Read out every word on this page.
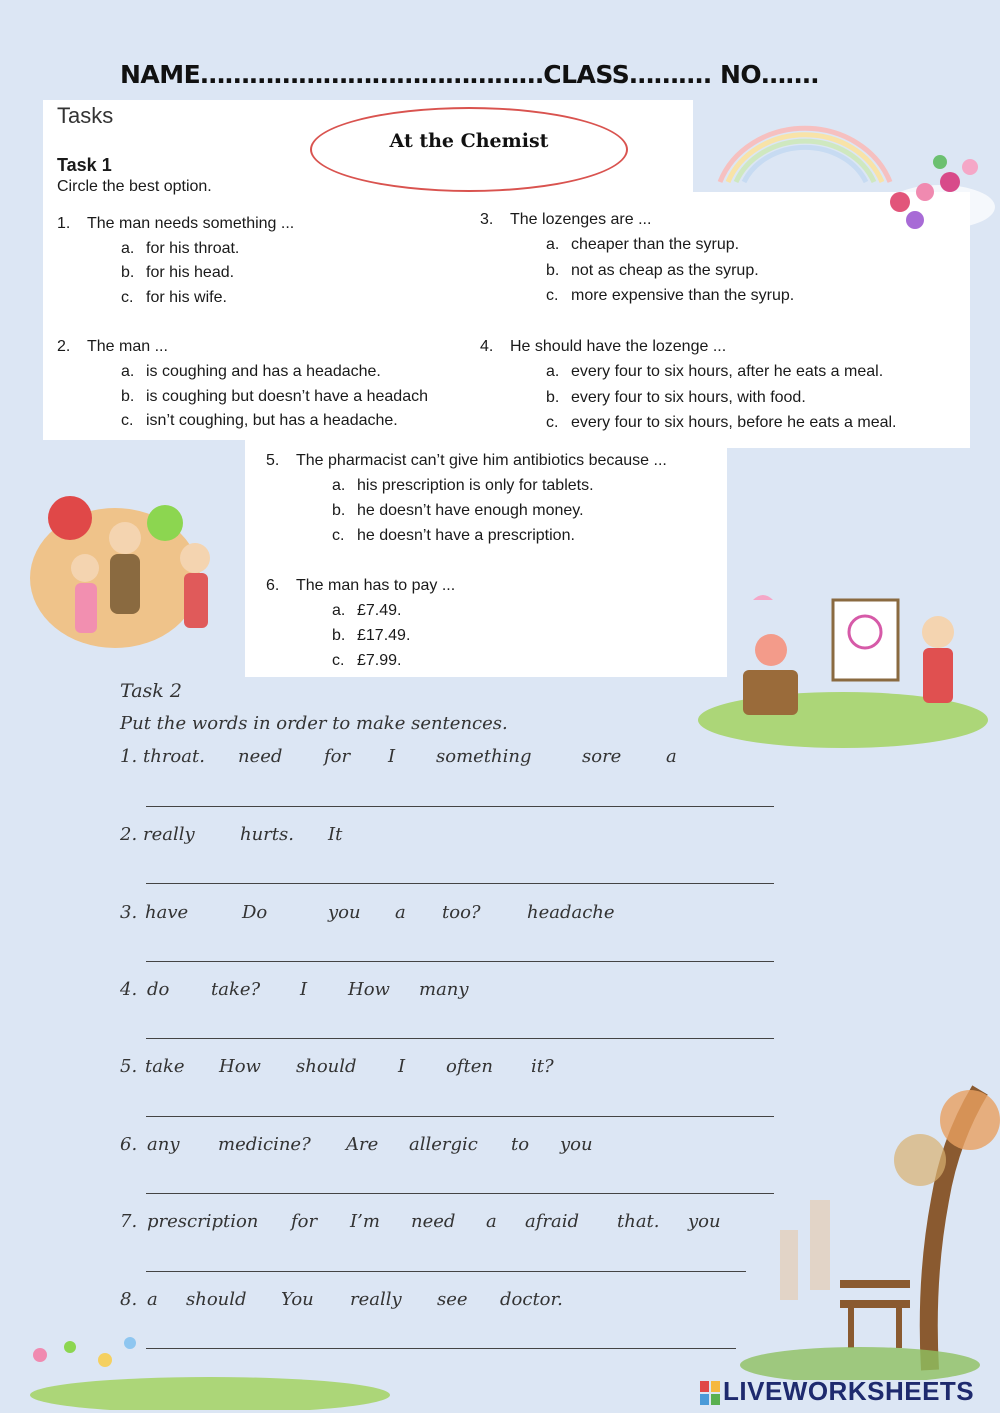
NAME……………………………………CLASS………. NO…….
Tasks
At the Chemist
Task 1
Circle the best option.
1. The man needs something ...
a. for his throat.
b. for his head.
c. for his wife.
2. The man ...
a. is coughing and has a headache.
b. is coughing but doesn’t have a headach
c. isn’t coughing, but has a headache.
3. The lozenges are ...
a. cheaper than the syrup.
b. not as cheap as the syrup.
c. more expensive than the syrup.
4. He should have the lozenge ...
a. every four to six hours, after he eats a meal.
b. every four to six hours, with food.
c. every four to six hours, before he eats a meal.
5. The pharmacist can’t give him antibiotics because ...
a. his prescription is only for tablets.
b. he doesn’t have enough money.
c. he doesn’t have a prescription.
6. The man has to pay ...
a. £7.49.
b. £17.49.
c. £7.99.
Task 2
Put the words in order to make sentences.
1. throat. need for I something	sore a
2. really	hurts. It
3. have	Do	you a too?	headache
4. do take? I How many
5. take How should I often it?
6. any medicine? Are allergic to you
7. prescription for I’m need a afraid that. you
8. a should You really see doctor.
LIVEWORKSHEETS
